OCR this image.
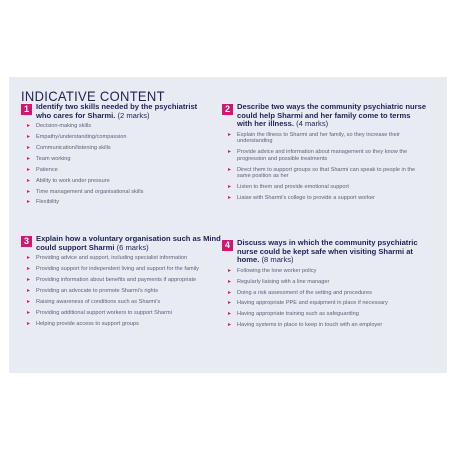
INDICATIVE CONTENT
1 Identify two skills needed by the psychiatrist who cares for Sharmi. (2 marks)
▸ Decision-making skills
▸ Empathy/understanding/compassion
▸ Communication/listening skills
▸ Team working
▸ Patience
▸ Ability to work under pressure
▸ Time management and organisational skills
▸ Flexibility
2 Describe two ways the community psychiatric nurse could help Sharmi and her family come to terms with her illness. (4 marks)
▸ Explain the illness to Sharmi and her family, so they increase their understanding
▸ Provide advice and information about management so they know the progression and possible treatments
▸ Direct them to support groups so that Sharmi can speak to people in the same position as her
▸ Listen to them and provide emotional support
▸ Liaise with Sharmi's college to provide a support worker
3 Explain how a voluntary organisation such as Mind could support Sharmi (6 marks)
▸ Providing advice and support, including specialist information
▸ Providing support for independent living and support for the family
▸ Providing information about benefits and payments if appropriate
▸ Providing an advocate to promote Sharmi's rights
▸ Raising awareness of conditions such as Sharmi's
▸ Providing additional support workers to support Sharmi
▸ Helping provide access to support groups
4 Discuss ways in which the community psychiatric nurse could be kept safe when visiting Sharmi at home. (8 marks)
▸ Following the lone worker policy
▸ Regularly liaising with a line manager
▸ Doing a risk assessment of the setting and procedures
▸ Having appropriate PPE and equipment in place if necessary
▸ Having appropriate training such as safeguarding
▸ Having systems in place to keep in touch with an employer
